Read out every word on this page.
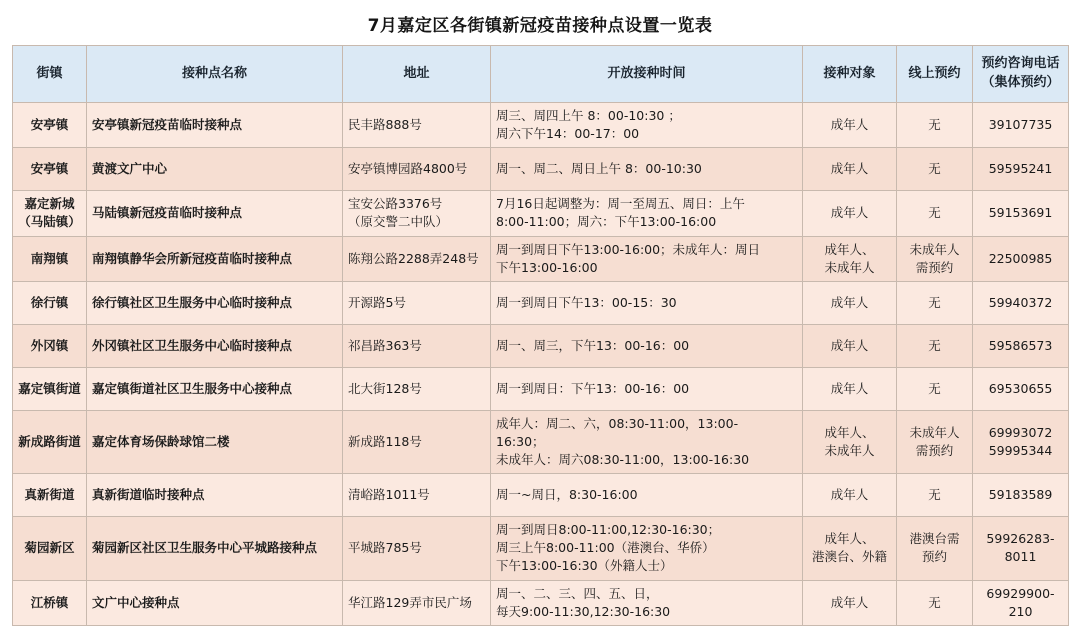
7月嘉定区各街镇新冠疫苗接种点设置一览表
街镇	接种点名称	地址	开放接种时间	接种对象	线上预约	预约咨询电话
（集体预约）

安亭镇	安亭镇新冠疫苗临时接种点	民丰路888号	周三、周四上午 8：00-10:30 ；
周六下午14：00-17：00	成年人	无	39107735
安亭镇	黄渡文广中心	安亭镇博园路4800号	周一、周二、周日上午 8：00-10:30	成年人	无	59595241
嘉定新城
（马陆镇）	马陆镇新冠疫苗临时接种点	宝安公路3376号
（原交警二中队）	7月16日起调整为：周一至周五、周日：上午
8:00-11:00；周六：下午13:00-16:00	成年人	无	59153691
南翔镇	南翔镇静华会所新冠疫苗临时接种点	陈翔公路2288弄248号	周一到周日下午13:00-16:00；未成年人：周日
下午13:00-16:00	成年人、
未成年人	未成年人
需预约	22500985
徐行镇	徐行镇社区卫生服务中心临时接种点	开源路5号	周一到周日下午13：00-15：30	成年人	无	59940372
外冈镇	外冈镇社区卫生服务中心临时接种点	祁昌路363号	周一、周三，下午13：00-16：00	成年人	无	59586573
嘉定镇街道	嘉定镇街道社区卫生服务中心接种点	北大街128号	周一到周日：下午13：00-16：00	成年人	无	69530655
新成路街道	嘉定体育场保龄球馆二楼	新成路118号	成年人：周二、六，08:30-11:00，13:00-
16:30；
未成年人：周六08:30-11:00，13:00-16:30	成年人、
未成年人	未成年人
需预约	69993072
59995344
真新街道	真新街道临时接种点	清峪路1011号	周一~周日，8:30-16:00	成年人	无	59183589
菊园新区	菊园新区社区卫生服务中心平城路接种点	平城路785号	周一到周日8:00-11:00,12:30-16:30；
周三上午8:00-11:00（港澳台、华侨）
下午13:00-16:30（外籍人士）	成年人、
港澳台、外籍	港澳台需
预约	59926283-8011
江桥镇	文广中心接种点	华江路129弄市民广场	周一、二、三、四、五、日，
每天9:00-11:30,12:30-16:30	成年人	无	69929900-210
